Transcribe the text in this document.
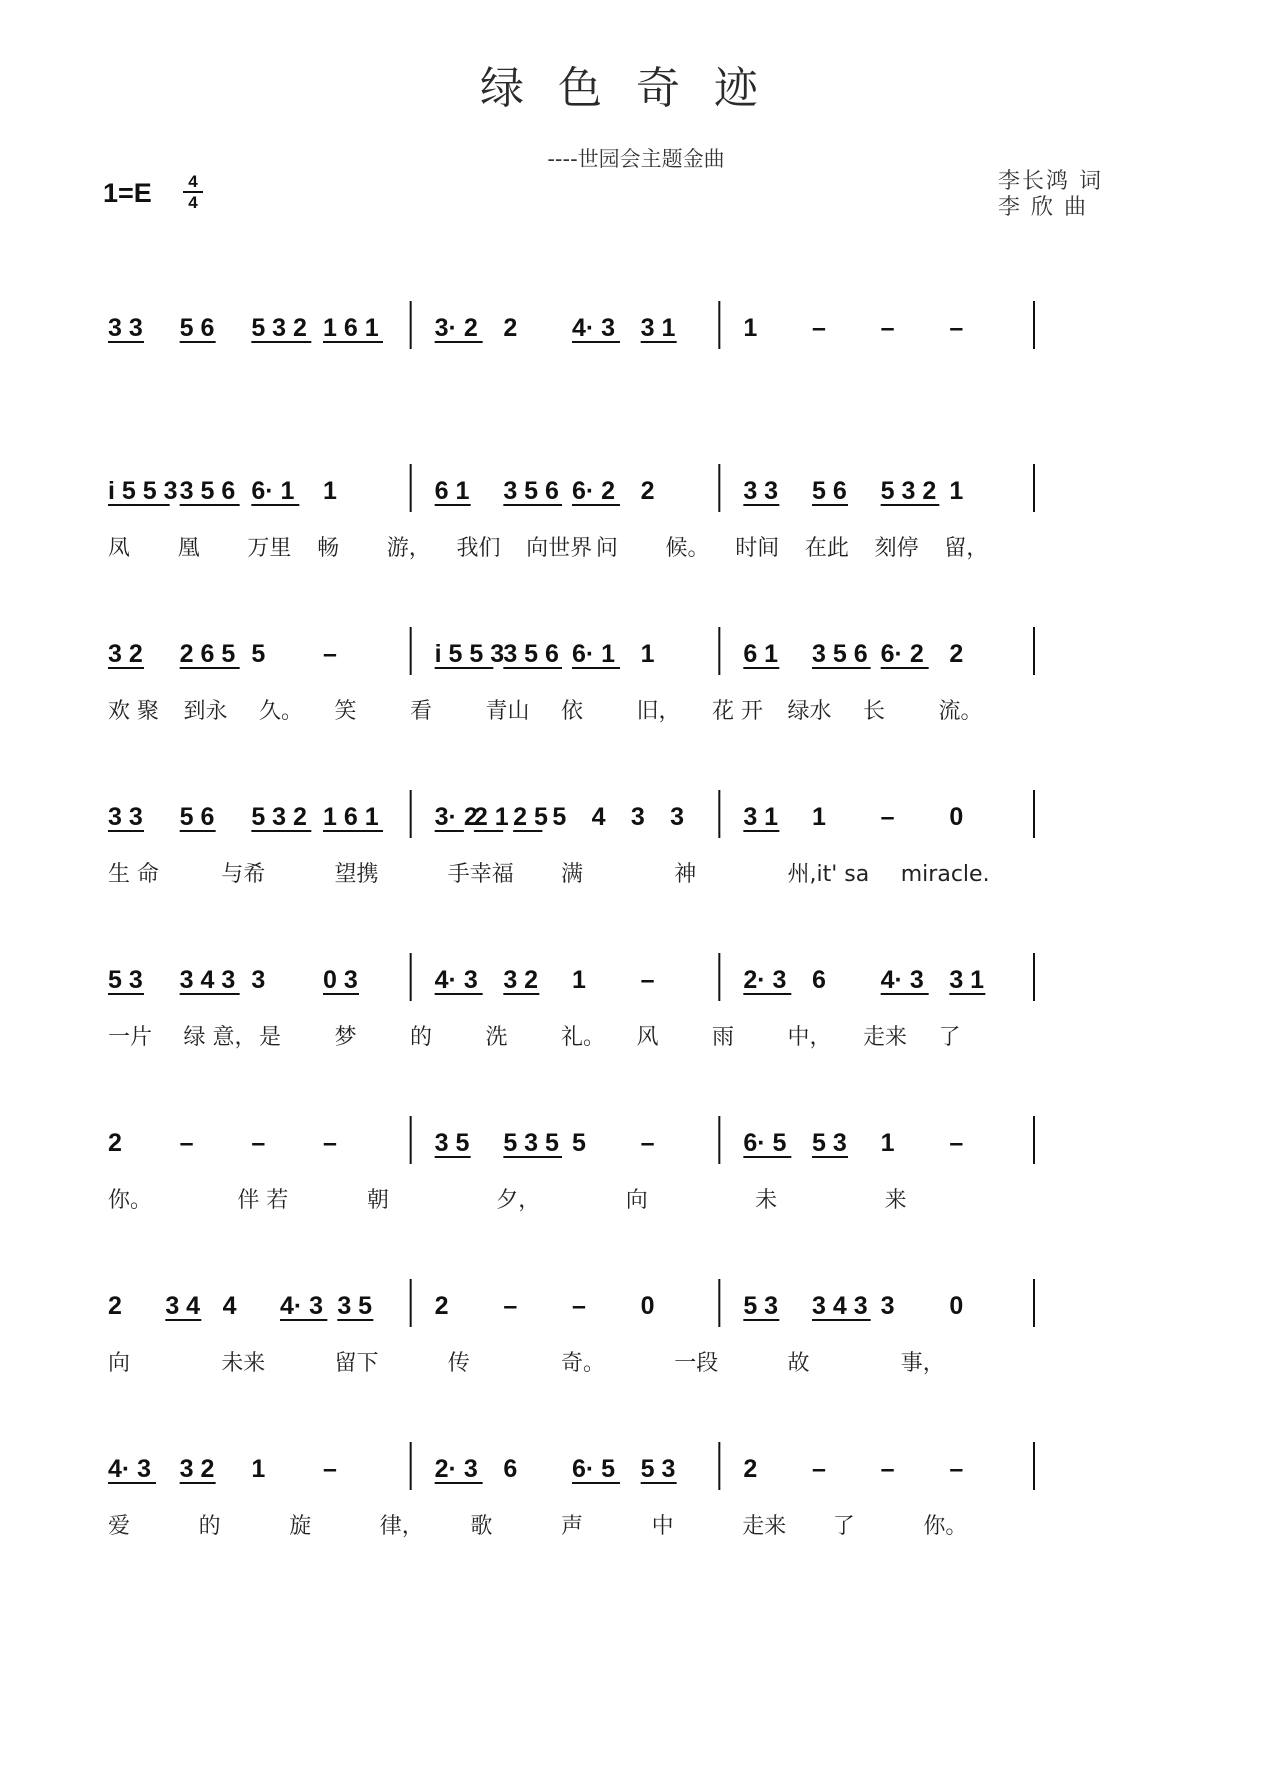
绿色奇迹
----世园会主题金曲
1=E	4
4
李长鸿 词
李 欣 曲
3 3 5 6 5 3 2 1 6 1 3· 2 2 4· 3 3 1	1 – – –
i 5 5 3 3 5 6 6· 1 1	6 1 3 5 6 6· 2 2	3 3 5 6 5 3 2 1
凤 凰 万里 畅 游， 我们 向世界 问 候。 时间 在此 刻停 留，
3 2 2 6 5 5 –	i 5 5 3 3 5 6 6· 1 1	6 1 3 5 6 6· 2 2
欢 聚 到永 久。 笑 看 青山 依 旧， 花 开 绿水 长 流。
3 3 5 6 5 3 2 1 6 1 3· 2
2 1 2 5 5 4 3 3 3 1 1 – 0
生 命	与希	望携	手幸福 满	神	州,it' sa miracle.
5 3 3 4 3 3 0 3	4· 3 3 2 1 –	2· 3 6 4· 3 3 1
一片 绿 意， 是 梦 的 洗 礼。 风 雨 中， 走来 了
2 – – –	3 5 5 3 5 5 –	6· 5 5 3 1 –
你。	伴 若	朝	夕，	向	未	来
2 3 4 4 4· 3 3 5	2 – – 0	5 3 3 4 3 3 0
向	未来	留下	传	奇。	一段	故	事，
4· 3 3 2 1 –	2· 3 6 6· 5 5 3	2 – – –
爱	的	旋	律， 歌	声	中	走来 了	你。
